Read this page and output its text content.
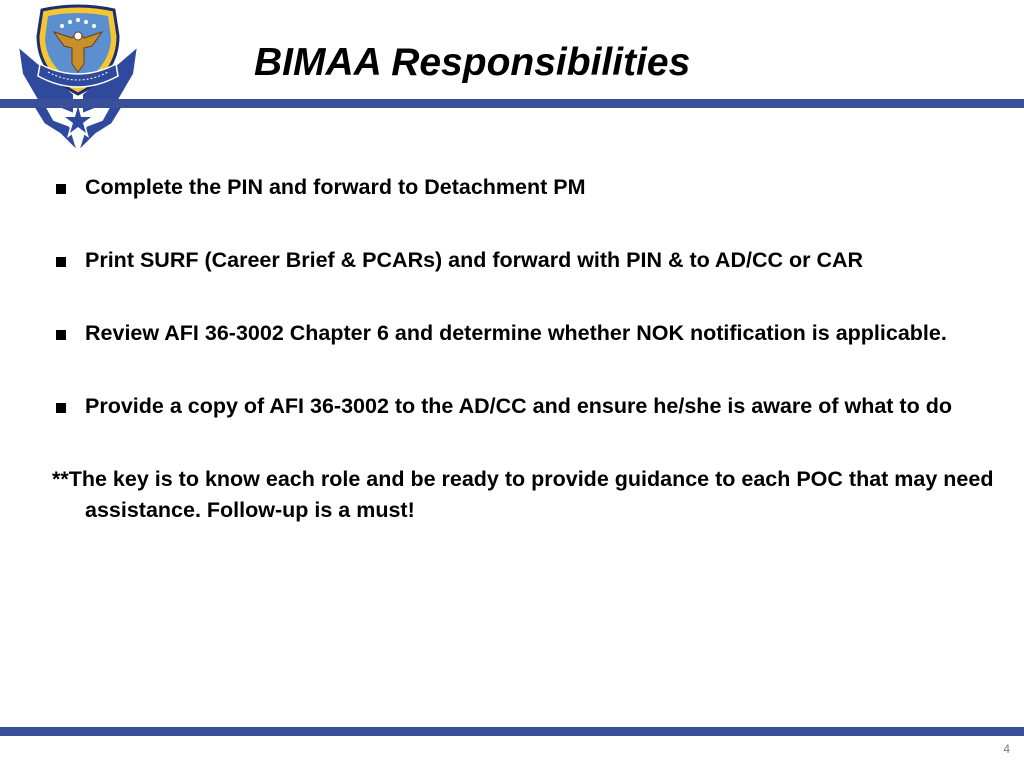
BIMAA Responsibilities
Complete the PIN and forward to Detachment PM
Print SURF (Career Brief & PCARs) and forward with PIN & to AD/CC or CAR
Review AFI 36-3002 Chapter 6 and determine whether NOK notification is applicable.
Provide a copy of AFI 36-3002 to the AD/CC and ensure he/she is aware of what to do
**The key is to know each role and be ready to provide guidance to each POC that may need assistance. Follow-up is a must!
4
